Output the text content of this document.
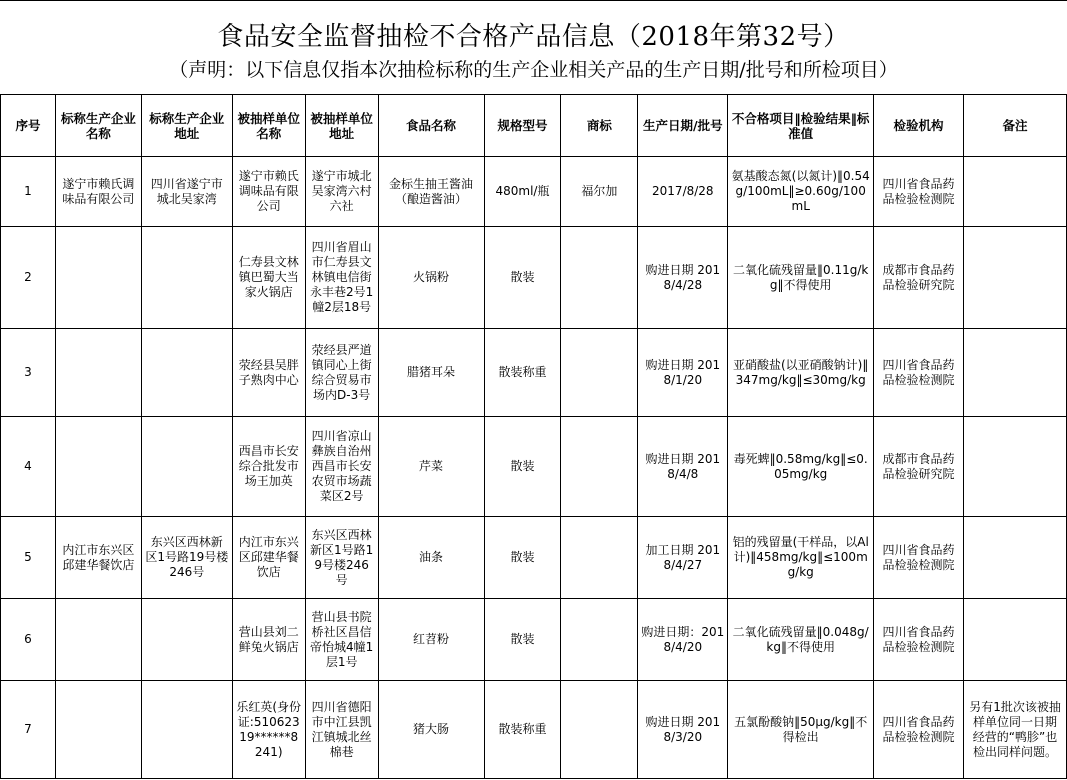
食品安全监督抽检不合格产品信息（2018年第32号）
（声明：以下信息仅指本次抽检标称的生产企业相关产品的生产日期/批号和所检项目）
序号	标称生产企业名称	标称生产企业地址	被抽样单位名称	被抽样单位地址	食品名称	规格型号	商标	生产日期/批号	不合格项目‖检验结果‖标准值	检验机构	备注
1	遂宁市赖氏调味品有限公司	四川省遂宁市城北吴家湾	遂宁市赖氏调味品有限公司	遂宁市城北吴家湾六村六社	金标生抽王酱油（酿造酱油）	480ml/瓶	福尔加	2017/8/28	氨基酸态氮(以氮计)‖0.54g/100mL‖≥0.60g/100mL	四川省食品药品检验检测院	
2			仁寿县文林镇巴蜀大当家火锅店	四川省眉山市仁寿县文林镇电信街永丰巷2号1幢2层18号	火锅粉	散装		购进日期 2018/4/28	二氧化硫残留量‖0.11g/kg‖不得使用	成都市食品药品检验研究院	
3			荥经县吴胖子熟肉中心	荥经县严道镇同心上街综合贸易市场内D-3号	腊猪耳朵	散装称重		购进日期 2018/1/20	亚硝酸盐(以亚硝酸钠计)‖347mg/kg‖≤30mg/kg	四川省食品药品检验检测院	
4			西昌市长安综合批发市场王加英	四川省凉山彝族自治州西昌市长安农贸市场蔬菜区2号	芹菜	散装		购进日期 2018/4/8	毒死蜱‖0.58mg/kg‖≤0.05mg/kg	成都市食品药品检验研究院	
5	内江市东兴区邱建华餐饮店	东兴区西林新区1号路19号楼246号	内江市东兴区邱建华餐饮店	东兴区西林新区1号路19号楼246号	油条	散装		加工日期 2018/4/27	铝的残留量(干样品，以Al计)‖458mg/kg‖≤100mg/kg	四川省食品药品检验检测院	
6			营山县刘二鲜兔火锅店	营山县书院桥社区昌信帝怡城4幢1层1号	红苕粉	散装		购进日期：2018/4/20	二氧化硫残留量‖0.048g/kg‖不得使用	四川省食品药品检验检测院	
7			乐红英(身份证:51062319******8241)	四川省德阳市中江县凯江镇城北丝棉巷	猪大肠	散装称重		购进日期 2018/3/20	五氯酚酸钠‖50μg/kg‖不得检出	四川省食品药品检验检测院	另有1批次该被抽样单位同一日期经营的“鸭胗”也检出同样问题。
